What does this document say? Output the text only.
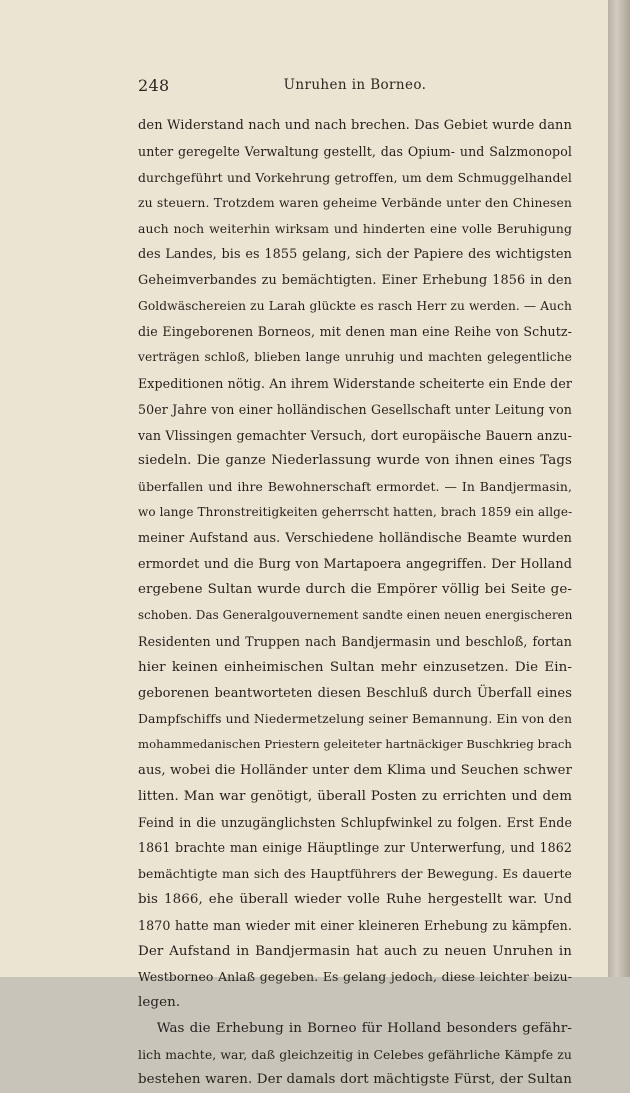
248	Unruhen in Borneo.
den Widerstand nach und nach brechen. Das Gebiet wurde dann
unter geregelte Verwaltung gestellt, das Opium- und Salzmonopol
durchgeführt und Vorkehrung getroffen, um dem Schmuggelhandel
zu steuern. Trotzdem waren geheime Verbände unter den Chinesen
auch noch weiterhin wirksam und hinderten eine volle Beruhigung
des Landes, bis es 1855 gelang, sich der Papiere des wichtigsten
Geheimverbandes zu bemächtigten. Einer Erhebung 1856 in den
Goldwäschereien zu Larah glückte es rasch Herr zu werden. — Auch
die Eingeborenen Borneos, mit denen man eine Reihe von Schutz-
verträgen schloß, blieben lange unruhig und machten gelegentliche
Expeditionen nötig. An ihrem Widerstande scheiterte ein Ende der
50er Jahre von einer holländischen Gesellschaft unter Leitung von
van Vlissingen gemachter Versuch, dort europäische Bauern anzu-
siedeln. Die ganze Niederlassung wurde von ihnen eines Tags
überfallen und ihre Bewohnerschaft ermordet. — In Bandjermasin,
wo lange Thronstreitigkeiten geherrscht hatten, brach 1859 ein allge-
meiner Aufstand aus. Verschiedene holländische Beamte wurden
ermordet und die Burg von Martapoera angegriffen. Der Holland
ergebene Sultan wurde durch die Empörer völlig bei Seite ge-
schoben. Das Generalgouvernement sandte einen neuen energischeren
Residenten und Truppen nach Bandjermasin und beschloß, fortan
hier keinen einheimischen Sultan mehr einzusetzen. Die Ein-
geborenen beantworteten diesen Beschluß durch Überfall eines
Dampfschiffs und Niedermetzelung seiner Bemannung. Ein von den
mohammedanischen Priestern geleiteter hartnäckiger Buschkrieg brach
aus, wobei die Holländer unter dem Klima und Seuchen schwer
litten. Man war genötigt, überall Posten zu errichten und dem
Feind in die unzugänglichsten Schlupfwinkel zu folgen. Erst Ende
1861 brachte man einige Häuptlinge zur Unterwerfung, und 1862
bemächtigte man sich des Hauptführers der Bewegung. Es dauerte
bis 1866, ehe überall wieder volle Ruhe hergestellt war. Und
1870 hatte man wieder mit einer kleineren Erhebung zu kämpfen.
Der Aufstand in Bandjermasin hat auch zu neuen Unruhen in
Westborneo Anlaß gegeben. Es gelang jedoch, diese leichter beizu-
legen.
Was die Erhebung in Borneo für Holland besonders gefähr-
lich machte, war, daß gleichzeitig in Celebes gefährliche Kämpfe zu
bestehen waren. Der damals dort mächtigste Fürst, der Sultan
